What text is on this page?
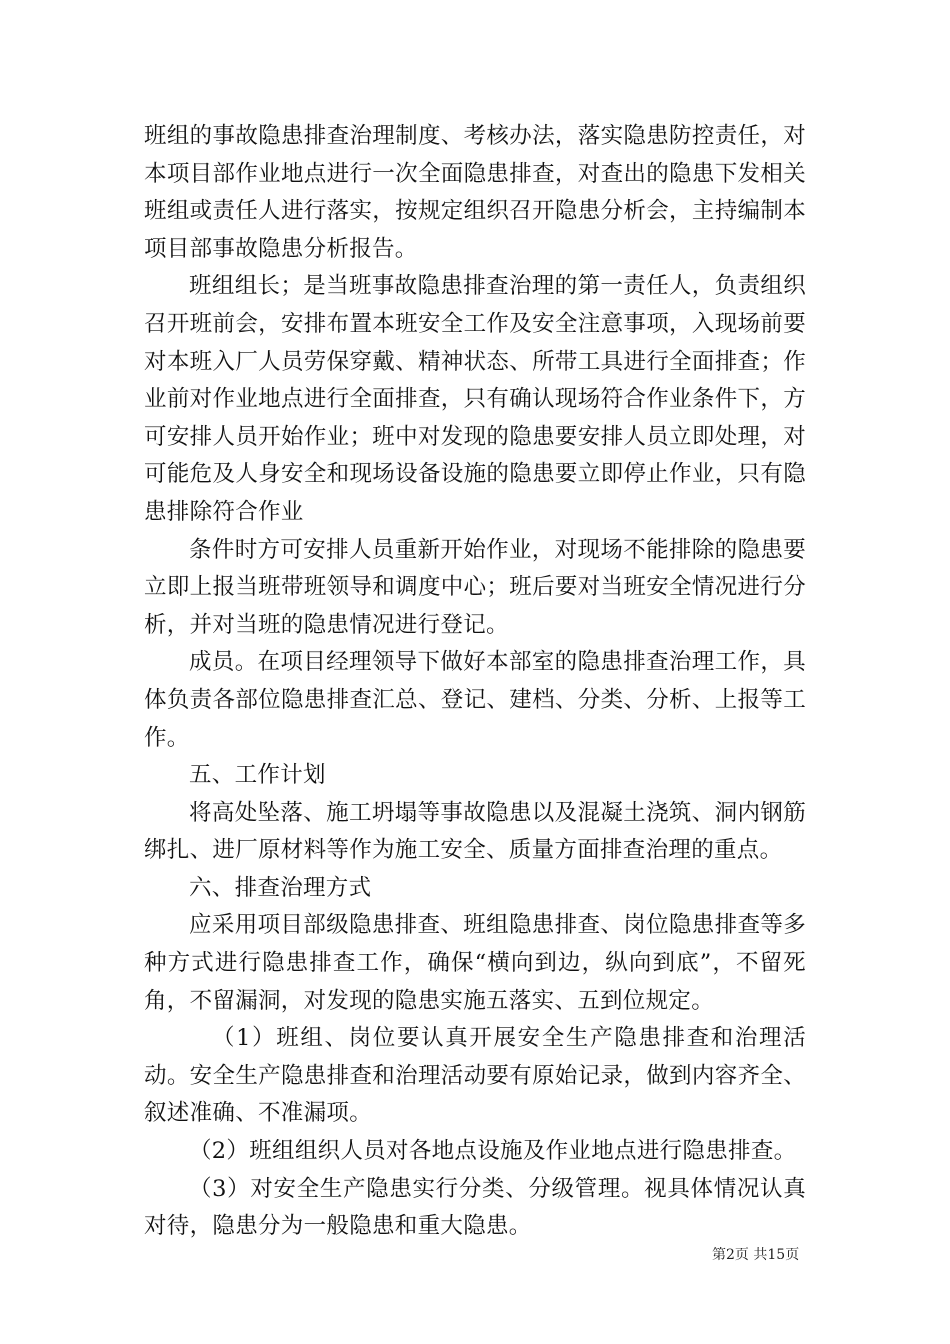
班组的事故隐患排查治理制度、考核办法，落实隐患防控责任，对本项目部作业地点进行一次全面隐患排查，对查出的隐患下发相关班组或责任人进行落实，按规定组织召开隐患分析会，主持编制本项目部事故隐患分析报告。

班组组长；是当班事故隐患排查治理的第一责任人，负责组织召开班前会，安排布置本班安全工作及安全注意事项，入现场前要对本班入厂人员劳保穿戴、精神状态、所带工具进行全面排查；作业前对作业地点进行全面排查，只有确认现场符合作业条件下，方可安排人员开始作业；班中对发现的隐患要安排人员立即处理，对可能危及人身安全和现场设备设施的隐患要立即停止作业，只有隐患排除符合作业

条件时方可安排人员重新开始作业，对现场不能排除的隐患要立即上报当班带班领导和调度中心；班后要对当班安全情况进行分析，并对当班的隐患情况进行登记。

成员。在项目经理领导下做好本部室的隐患排查治理工作，具体负责各部位隐患排查汇总、登记、建档、分类、分析、上报等工作。

五、工作计划

将高处坠落、施工坍塌等事故隐患以及混凝土浇筑、洞内钢筋绑扎、进厂原材料等作为施工安全、质量方面排查治理的重点。

六、排查治理方式

应采用项目部级隐患排查、班组隐患排查、岗位隐患排查等多种方式进行隐患排查工作，确保“横向到边，纵向到底”，不留死角，不留漏洞，对发现的隐患实施五落实、五到位规定。

（1）班组、岗位要认真开展安全生产隐患排查和治理活动。安全生产隐患排查和治理活动要有原始记录，做到内容齐全、叙述准确、不准漏项。

（2）班组组织人员对各地点设施及作业地点进行隐患排查。

（3）对安全生产隐患实行分类、分级管理。视具体情况认真对待，隐患分为一般隐患和重大隐患。

第2页 共15页
